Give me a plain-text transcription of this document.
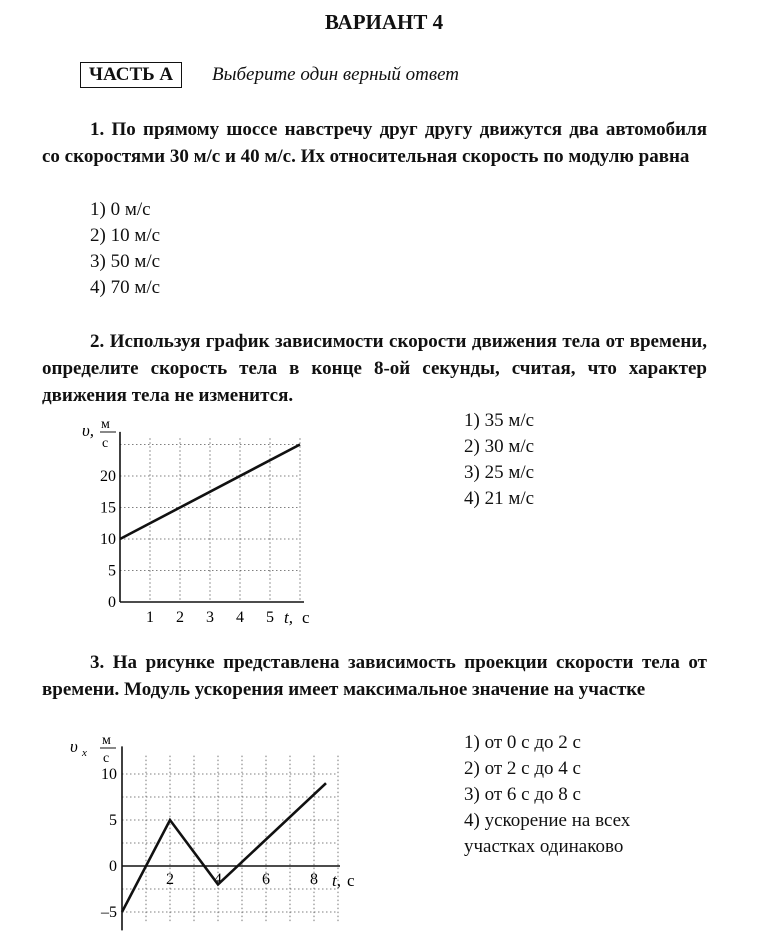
ВАРИАНТ 4
ЧАСТЬ А	Выберите один верный ответ
1. По прямому шоссе навстречу друг другу движутся два автомобиля со скоростями 30 м/с и 40 м/с. Их относительная скорость по модулю равна
1) 0 м/с
2) 10 м/с
3) 50 м/с
4) 70 м/с
2. Используя график зависимости скорости движения тела от времени, определите скорость тела в конце 8-ой секунды, считая, что характер движения тела не изменится.
1) 35 м/с
2) 30 м/с
3) 25 м/с
4) 21 м/с
1 2 3 4 5
0
5
10
15
20
υ, м
с
t, с
3. На рисунке представлена зависимость проекции скорости тела от времени. Модуль ускорения имеет максимальное значение на участке
1) от 0 с до 2 с
2) от 2 с до 4 с
3) от 6 с до 8 с
4) ускорение на всех
участках одинаково
2	4	6	8
10
5
0
–5
υ x
м
с
t, с
